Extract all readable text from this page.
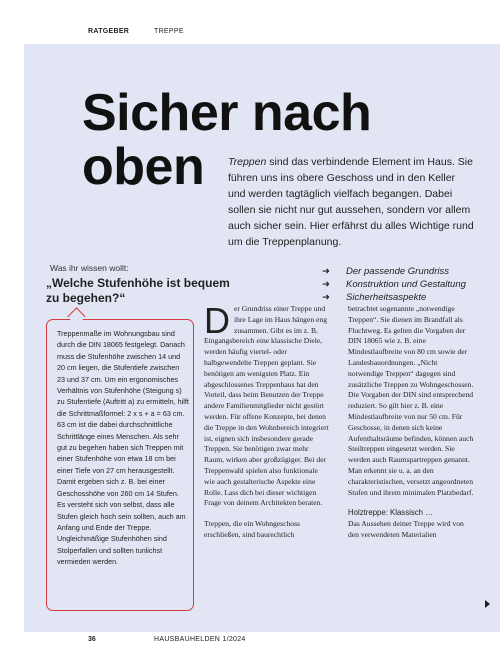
RATGEBER	TREPPE
Sicher nach
oben	Treppen sind das verbindende Element im Haus. Sie führen uns ins obere Geschoss und in den Keller und werden tagtäglich vielfach begangen. Dabei sollen sie nicht nur gut aussehen, sondern vor allem auch sicher sein. Hier erfährst du alles Wichtige rund um die Treppenplanung.

Was ihr wissen wollt:

„Welche Stufenhöhe ist bequem zu begehen?“

➜ Der passende Grundriss
➜ Konstruktion und Gestaltung
➜ Sicherheitsaspekte

Treppenmaße im Wohnungsbau sind durch die DIN 18065 festgelegt. Danach muss die Stufenhöhe zwischen 14 und 20 cm liegen, die Stufentiefe zwischen 23 und 37 cm. Um ein ergonomisches Verhältnis von Stufenhöhe (Steigung s) zu Stufentiefe (Auftritt a) zu ermitteln, hilft die Schrittmaßformel: 2 x s + a = 63 cm. 63 cm ist die dabei durchschnittliche Schrittlänge eines Menschen. Als sehr gut zu begehen haben sich Treppen mit einer Stufenhöhe von etwa 18 cm bei einer Tiefe von 27 cm herausgestellt. Damit ergeben sich z. B. bei einer Geschosshöhe von 260 cm 14 Stufen. Es versteht sich von selbst, dass alle Stufen gleich hoch sein sollten, auch am Anfang und Ende der Treppe. Ungleichmäßige Stufenhöhen sind Stolperfallen und sollten tunlichst vermieden werden.

D er Grundriss einer Treppe und ihre Lage im Haus hängen eng zusammen. Gibt es im z. B. Eingangsbereich eine klassische Diele, werden häufig viertel- oder halbgewendelte Treppen geplant. Sie benötigen am wenigsten Platz. Ein abgeschlossenes Treppenhaus hat den Vorteil, dass beim Benutzen der Treppe andere Familienmitglieder nicht gestört werden. Für offene Konzepte, bei denen die Treppe in den Wohnbereich integriert ist, eignen sich insbesondere gerade Treppen. Sie benötigen zwar mehr Raum, wirken aber großzügiger. Bei der Treppenwahl spielen also funktionale wie auch gestalterische Aspekte eine Rolle. Lass dich bei dieser wichtigen Frage von deinem Architekten beraten.

Treppen, die ein Wohngeschoss erschließen, sind baurechtlich

betrachtet sogenannte „notwendige Treppen“. Sie dienen im Brandfall als Fluchtweg. Es gelten die Vorgaben der DIN 18065 wie z. B. eine Mindestlaufbreite von 80 cm sowie der Landesbauordnungen. „Nicht notwendige Treppen“ dagegen sind zusätzliche Treppen zu Wohngeschossen. Die Vorgaben der DIN sind entsprechend reduziert. So gilt hier z. B. eine Mindestlaufbreite von nur 50 cm. Für Geschosse, in denen sich keine Aufenthaltsräume befinden, können auch Steiltreppen eingesetzt werden. Sie werden auch Raumspartreppen genannt. Man erkennt sie u. a. an den charakteristischen, versetzt angeordneten Stufen und ihrem minimalen Platzbedarf.

Holztreppe: Klassisch …

Das Aussehen deiner Treppe wird von den verwendeten Materialien

36	HAUSBAUHELDEN 1/2024
